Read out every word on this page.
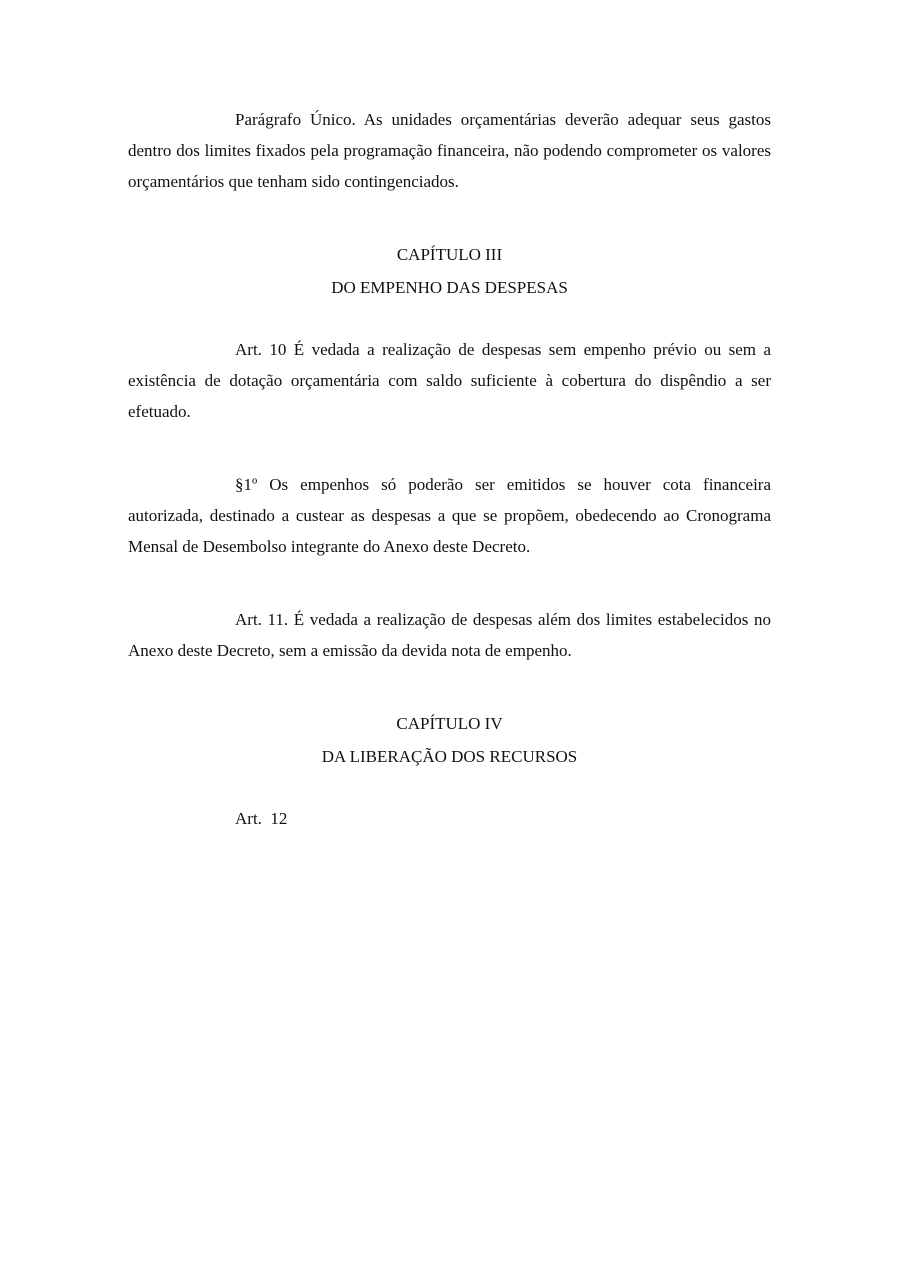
Parágrafo Único. As unidades orçamentárias deverão adequar seus gastos dentro dos limites fixados pela programação financeira, não podendo comprometer os valores orçamentários que tenham sido contingenciados.

CAPÍTULO III

DO EMPENHO DAS DESPESAS

Art. 10 É vedada a realização de despesas sem empenho prévio ou sem a existência de dotação orçamentária com saldo suficiente à cobertura do dispêndio a ser efetuado.

§1º Os empenhos só poderão ser emitidos se houver cota financeira autorizada, destinado a custear as despesas a que se propõem, obedecendo ao Cronograma Mensal de Desembolso integrante do Anexo deste Decreto.

Art. 11. É vedada a realização de despesas além dos limites estabelecidos no Anexo deste Decreto, sem a emissão da devida nota de empenho.

CAPÍTULO IV

DA LIBERAÇÃO DOS RECURSOS

Art.  12
